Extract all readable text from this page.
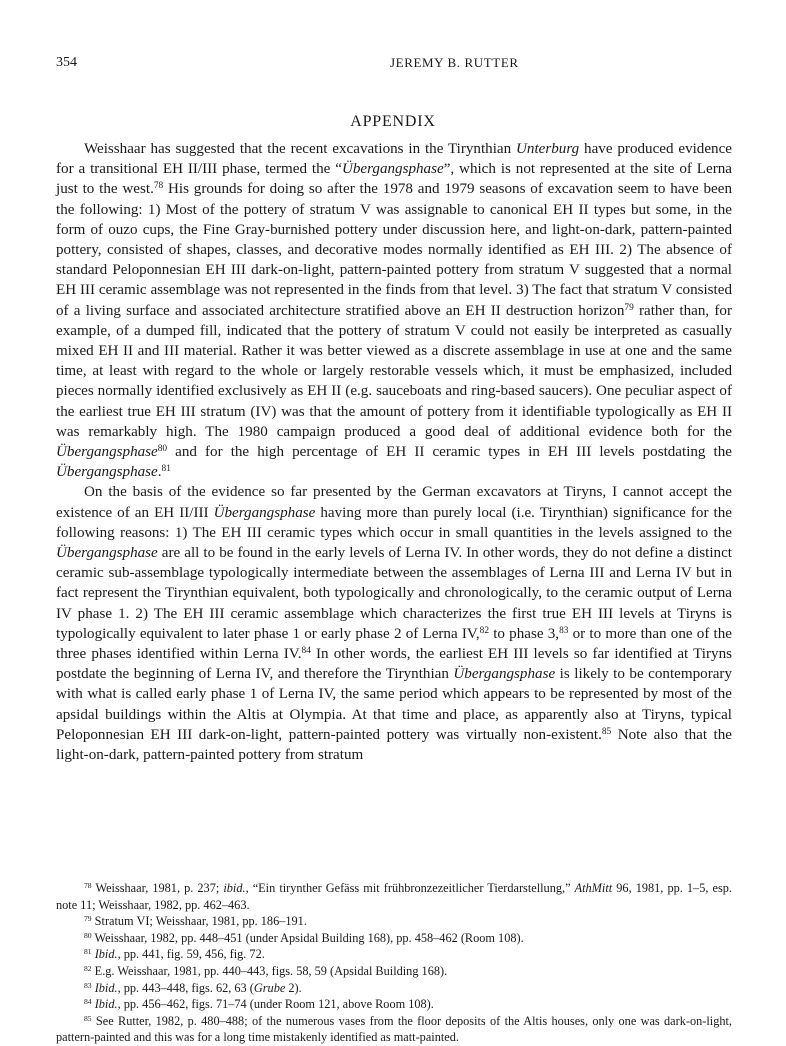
354	JEREMY B. RUTTER
APPENDIX

Weisshaar has suggested that the recent excavations in the Tirynthian Unterburg have produced evidence for a transitional EH II/III phase, termed the “Übergangsphase”, which is not represented at the site of Lerna just to the west.$^{78}$ His grounds for doing so after the 1978 and 1979 seasons of excavation seem to have been the following: 1) Most of the pottery of stratum V was assignable to canonical EH II types but some, in the form of ouzo cups, the Fine Gray-burnished pottery under discussion here, and light-on-dark, pattern-painted pottery, consisted of shapes, classes, and decorative modes normally identified as EH III. 2) The absence of standard Peloponnesian EH III dark-on-light, pattern-painted pottery from stratum V suggested that a normal EH III ceramic assemblage was not represented in the finds from that level. 3) The fact that stratum V consisted of a living surface and associated architecture stratified above an EH II destruction horizon$^{79}$ rather than, for example, of a dumped fill, indicated that the pottery of stratum V could not easily be interpreted as casually mixed EH II and III material. Rather it was better viewed as a discrete assemblage in use at one and the same time, at least with regard to the whole or largely restorable vessels which, it must be emphasized, included pieces normally identified exclusively as EH II (e.g. sauceboats and ring-based saucers). One peculiar aspect of the earliest true EH III stratum (IV) was that the amount of pottery from it identifiable typologically as EH II was remarkably high. The 1980 campaign produced a good deal of additional evidence both for the Übergangsphase$^{80}$ and for the high percentage of EH II ceramic types in EH III levels postdating the Übergangsphase.$^{81}$

On the basis of the evidence so far presented by the German excavators at Tiryns, I cannot accept the existence of an EH II/III Übergangsphase having more than purely local (i.e. Tirynthian) significance for the following reasons: 1) The EH III ceramic types which occur in small quantities in the levels assigned to the Übergangsphase are all to be found in the early levels of Lerna IV. In other words, they do not define a distinct ceramic sub-assemblage typologically intermediate between the assemblages of Lerna III and Lerna IV but in fact represent the Tirynthian equivalent, both typologically and chronologically, to the ceramic output of Lerna IV phase 1. 2) The EH III ceramic assemblage which characterizes the first true EH III levels at Tiryns is typologically equivalent to later phase 1 or early phase 2 of Lerna IV,$^{82}$ to phase 3,83 or to more than one of the three phases identified within Lerna IV.$^{84}$ In other words, the earliest EH III levels so far identified at Tiryns postdate the beginning of Lerna IV, and therefore the Tirynthian Übergangsphase is likely to be contemporary with what is called early phase 1 of Lerna IV, the same period which appears to be represented by most of the apsidal buildings within the Altis at Olympia. At that time and place, as apparently also at Tiryns, typical Peloponnesian EH III dark-on-light, pattern-painted pottery was virtually non-existent.$^{85}$ Note also that the light-on-dark, pattern-painted pottery from stratum

$^{78}$ Weisshaar, 1981, p. 237; ibid., “Ein tirynther Gefäss mit frühbronzezeitlicher Tierdarstellung,” AthMitt 96, 1981, pp. 1–5, esp. note 11; Weisshaar, 1982, pp. 462–463.

$^{79}$ Stratum VI; Weisshaar, 1981, pp. 186–191.

$^{80}$ Weisshaar, 1982, pp. 448–451 (under Apsidal Building 168), pp. 458–462 (Room 108).

$^{81}$ Ibid., pp. 441, fig. 59, 456, fig. 72.

$^{82}$ E.g. Weisshaar, 1981, pp. 440–443, figs. 58, 59 (Apsidal Building 168).

$^{83}$ Ibid., pp. 443–448, figs. 62, 63 (Grube 2).

$^{84}$ Ibid., pp. 456–462, figs. 71–74 (under Room 121, above Room 108).

$^{85}$ See Rutter, 1982, p. 480–488; of the numerous vases from the floor deposits of the Altis houses, only one was dark-on-light, pattern-painted and this was for a long time mistakenly identified as matt-painted.
